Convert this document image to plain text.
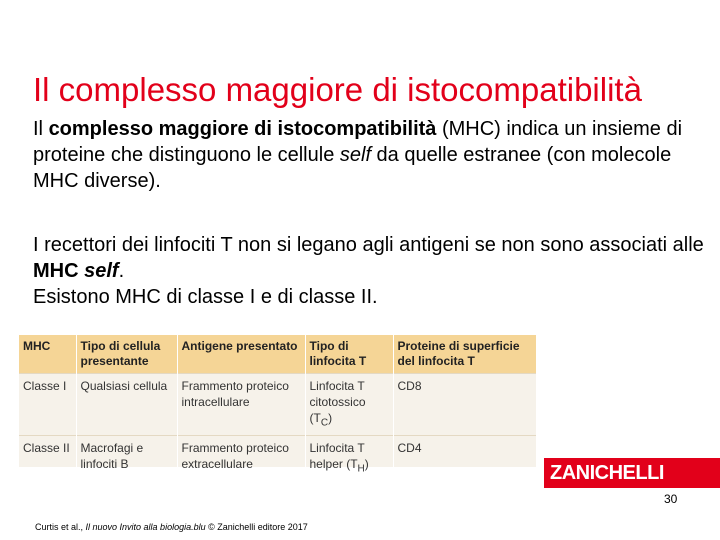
Il complesso maggiore di istocompatibilità

Il complesso maggiore di istocompatibilità (MHC) indica un insieme di proteine che distinguono le cellule self da quelle estranee (con molecole MHC diverse).

I recettori dei linfociti T non si legano agli antigeni se non sono associati alle MHC self.
Esistono MHC di classe I e di classe II.

MHC	Tipo di cellula presentante	Antigene presentato	Tipo di linfocita T	Proteine di superficie del linfocita T
Classe I	Qualsiasi cellula	Frammento proteico intracellulare	Linfocita T citotossico $(T_C)$	CD8
Classe II	Macrofagi e linfociti B	Frammento proteico extracellulare	Linfocita T helper $(T_H)$	CD4
ZANICHELLI
30
Curtis et al., Il nuovo Invito alla biologia.blu © Zanichelli editore 2017
